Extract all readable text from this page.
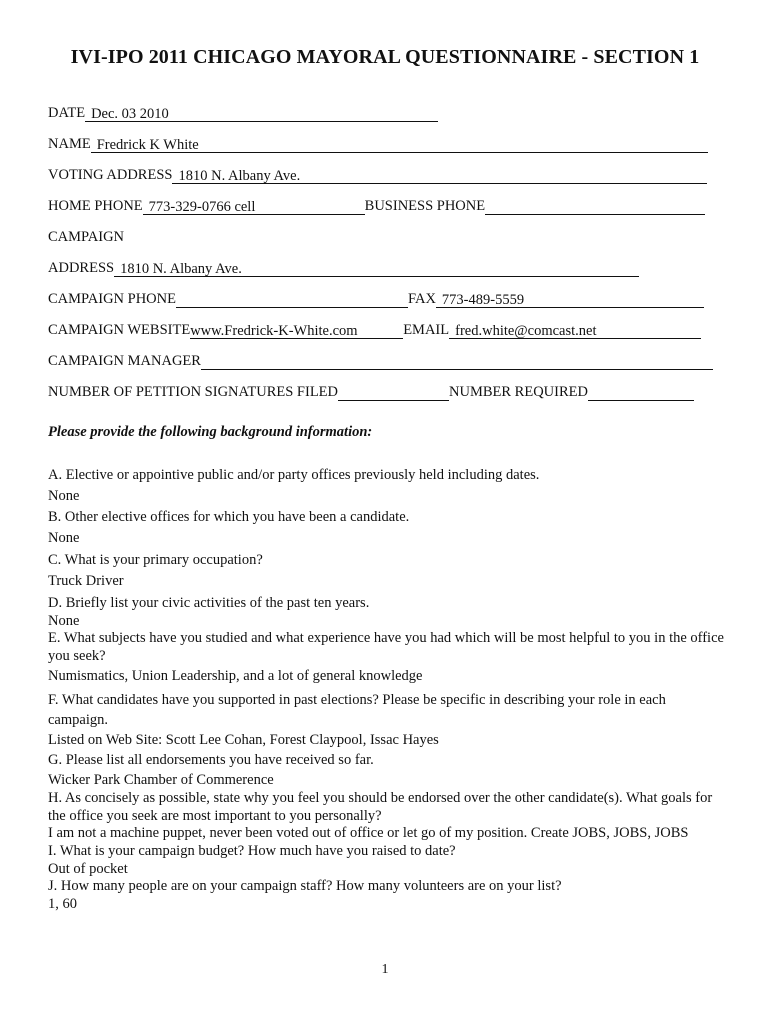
IVI-IPO 2011 CHICAGO MAYORAL QUESTIONNAIRE - SECTION 1
DATE Dec. 03 2010
NAME Fredrick K White
VOTING ADDRESS 1810 N. Albany Ave.
HOME PHONE 773-329-0766 cell	BUSINESS PHONE
CAMPAIGN
ADDRESS 1810 N. Albany Ave.
CAMPAIGN PHONE	FAX 773-489-5559
CAMPAIGN WEBSITE www.Fredrick-K-White.com	EMAIL fred.white@comcast.net
CAMPAIGN MANAGER
NUMBER OF PETITION SIGNATURES FILED	NUMBER REQUIRED
Please provide the following background information:
A. Elective or appointive public and/or party offices previously held including dates.
None
B. Other elective offices for which you have been a candidate.
None
C. What is your primary occupation?
Truck Driver
D. Briefly list your civic activities of the past ten years.
None
E. What subjects have you studied and what experience have you had which will be most helpful to you in the office you seek?
Numismatics, Union Leadership, and a lot of general knowledge
F. What candidates have you supported in past elections? Please be specific in describing your role in each campaign.
Listed on Web Site: Scott Lee Cohan, Forest Claypool, Issac Hayes
G. Please list all endorsements you have received so far.
Wicker Park Chamber of Commerence
H. As concisely as possible, state why you feel you should be endorsed over the other candidate(s). What goals for the office you seek are most important to you personally?
I am not a machine puppet, never been voted out of office or let go of my position. Create JOBS, JOBS, JOBS
I. What is your campaign budget? How much have you raised to date?
Out of pocket
J. How many people are on your campaign staff? How many volunteers are on your list?
1, 60
1
